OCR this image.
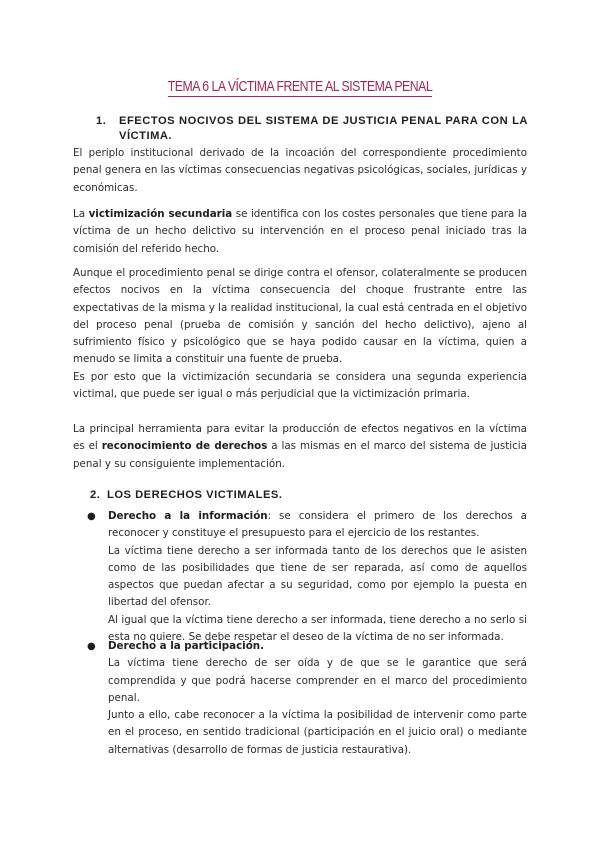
TEMA 6 LA VÍCTIMA FRENTE AL SISTEMA PENAL
1. EFECTOS NOCIVOS DEL SISTEMA DE JUSTICIA PENAL PARA CON LA VÍCTIMA.

El periplo institucional derivado de la incoación del correspondiente procedimiento penal genera en las víctimas consecuencias negativas psicológicas, sociales, jurídicas y económicas.

La victimización secundaria se identifica con los costes personales que tiene para la víctima de un hecho delictivo su intervención en el proceso penal iniciado tras la comisión del referido hecho.

Aunque el procedimiento penal se dirige contra el ofensor, colateralmente se producen efectos nocivos en la víctima consecuencia del choque frustrante entre las expectativas de la misma y la realidad institucional, la cual está centrada en el objetivo del proceso penal (prueba de comisión y sanción del hecho delictivo), ajeno al sufrimiento físico y psicológico que se haya podido causar en la víctima, quien a menudo se limita a constituir una fuente de prueba.

Es por esto que la victimización secundaria se considera una segunda experiencia victimal, que puede ser igual o más perjudicial que la victimización primaria.

La principal herramienta para evitar la producción de efectos negativos en la víctima es el reconocimiento de derechos a las mismas en el marco del sistema de justicia penal y su consiguiente implementación.

2. LOS DERECHOS VICTIMALES.
● Derecho a la información: se considera el primero de los derechos a reconocer y constituye el presupuesto para el ejercicio de los restantes.

La víctima tiene derecho a ser informada tanto de los derechos que le asisten como de las posibilidades que tiene de ser reparada, así como de aquellos aspectos que puedan afectar a su seguridad, como por ejemplo la puesta en libertad del ofensor.

Al igual que la víctima tiene derecho a ser informada, tiene derecho a no serlo si esta no quiere. Se debe respetar el deseo de la víctima de no ser informada.

● Derecho a la participación.

La víctima tiene derecho de ser oída y de que se le garantice que será comprendida y que podrá hacerse comprender en el marco del procedimiento penal.

Junto a ello, cabe reconocer a la víctima la posibilidad de intervenir como parte en el proceso, en sentido tradicional (participación en el juicio oral) o mediante alternativas (desarrollo de formas de justicia restaurativa).
